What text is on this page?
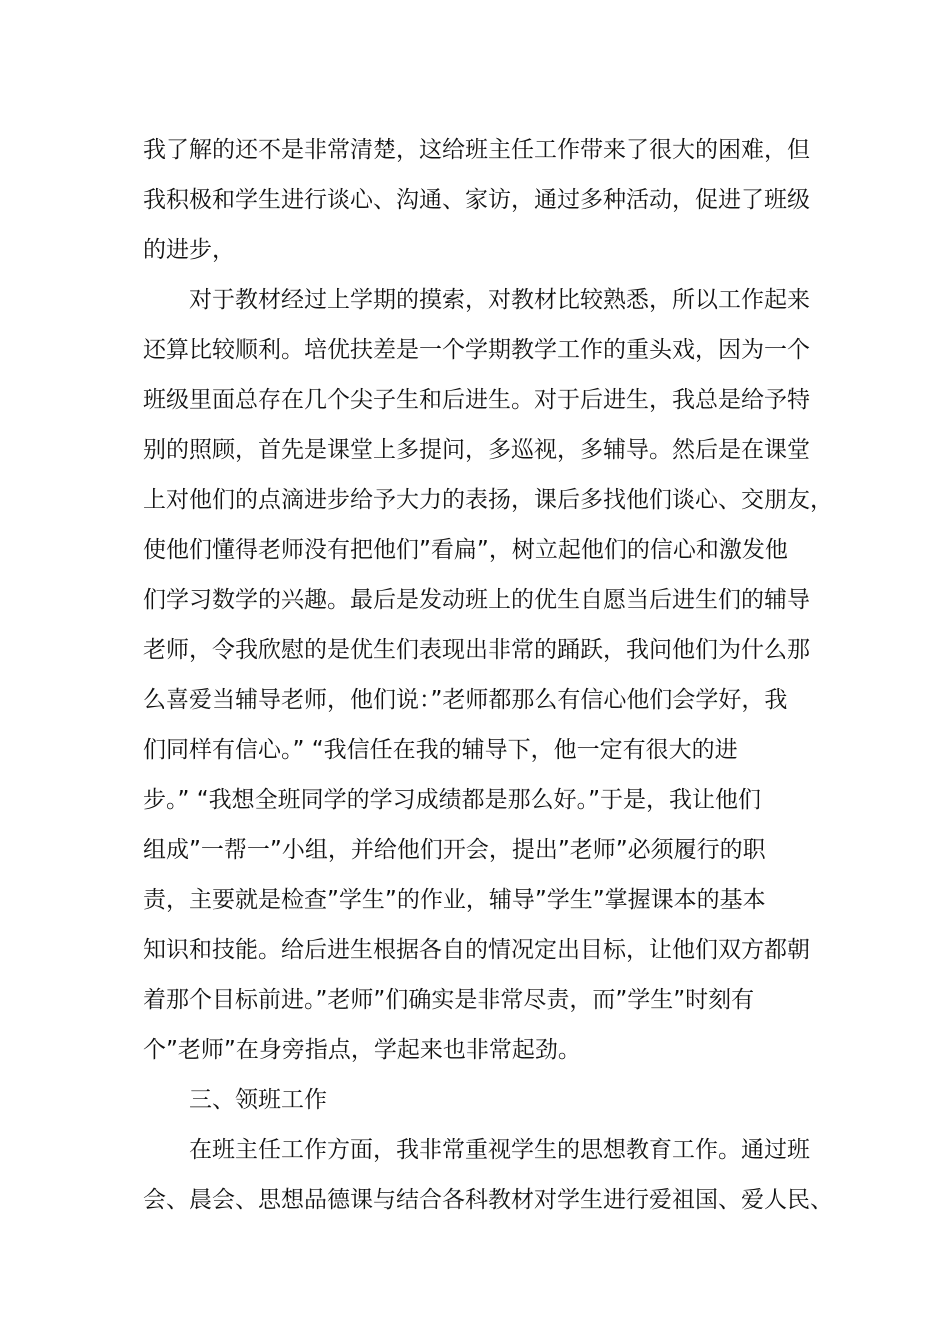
我了解的还不是非常清楚，这给班主任工作带来了很大的困难，但
我积极和学生进行谈心、沟通、家访，通过多种活动，促进了班级
的进步，
对于教材经过上学期的摸索，对教材比较熟悉，所以工作起来
还算比较顺利。培优扶差是一个学期教学工作的重头戏，因为一个
班级里面总存在几个尖子生和后进生。对于后进生，我总是给予特
别的照顾，首先是课堂上多提问，多巡视，多辅导。然后是在课堂
上对他们的点滴进步给予大力的表扬，课后多找他们谈心、交朋友，
使他们懂得老师没有把他们”看扁”，树立起他们的信心和激发他
们学习数学的兴趣。最后是发动班上的优生自愿当后进生们的辅导
老师，令我欣慰的是优生们表现出非常的踊跃，我问他们为什么那
么喜爱当辅导老师，他们说：”老师都那么有信心他们会学好，我
们同样有信心。” “我信任在我的辅导下，他一定有很大的进
步。” “我想全班同学的学习成绩都是那么好。”于是，我让他们
组成”一帮一”小组，并给他们开会，提出”老师”必须履行的职
责，主要就是检查”学生”的作业，辅导”学生”掌握课本的基本
知识和技能。给后进生根据各自的情况定出目标，让他们双方都朝
着那个目标前进。”老师”们确实是非常尽责，而”学生”时刻有
个”老师”在身旁指点，学起来也非常起劲。
三、领班工作
在班主任工作方面，我非常重视学生的思想教育工作。通过班
会、晨会、思想品德课与结合各科教材对学生进行爱祖国、爱人民、
